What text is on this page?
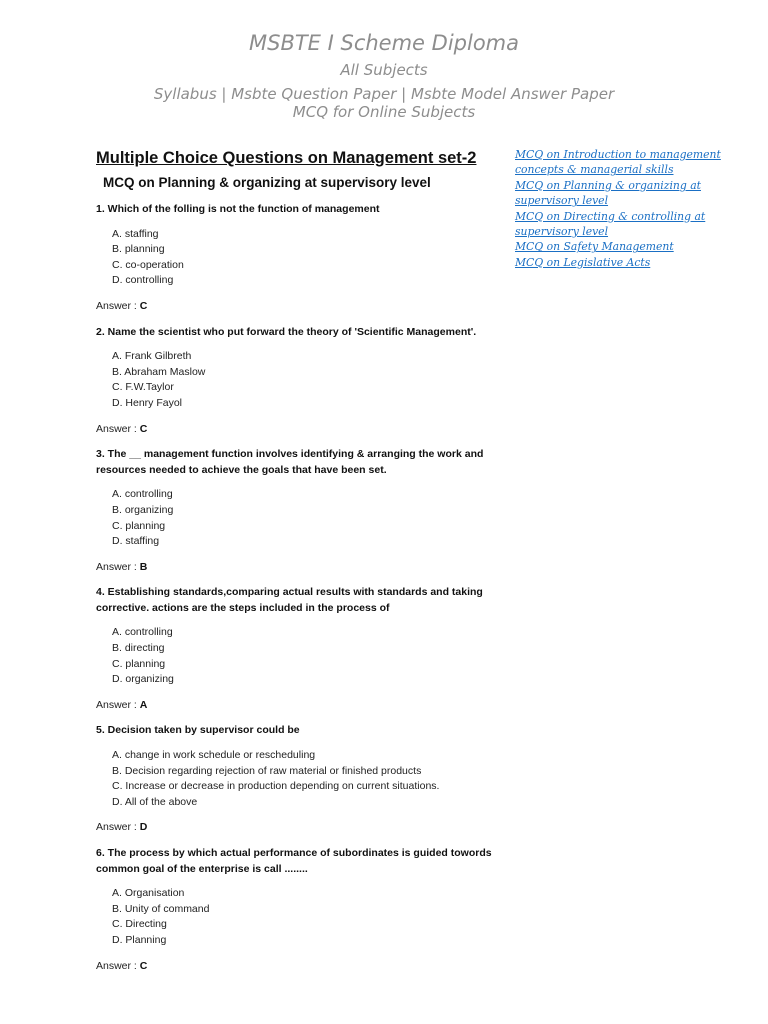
MSBTE I Scheme Diploma
All Subjects
Syllabus | Msbte Question Paper | Msbte Model Answer Paper
MCQ for Online Subjects
Multiple Choice Questions on Management set-2
MCQ on Planning & organizing at supervisory level
1. Which of the folling is not the function of management
A. staffing
B. planning
C. co-operation
D. controlling
Answer : C
2. Name the scientist who put forward the theory of 'Scientific Management'.
A. Frank Gilbreth
B. Abraham Maslow
C. F.W.Taylor
D. Henry Fayol
Answer : C
3. The __ management function involves identifying & arranging the work and resources needed to achieve the goals that have been set.
A. controlling
B. organizing
C. planning
D. staffing
Answer : B
4. Establishing standards,comparing actual results with standards and taking corrective. actions are the steps included in the process of
A. controlling
B. directing
C. planning
D. organizing
Answer : A
5. Decision taken by supervisor could be
A. change in work schedule or rescheduling
B. Decision regarding rejection of raw material or finished products
C. Increase or decrease in production depending on current situations.
D. All of the above
Answer : D
6. The process by which actual performance of subordinates is guided towords common goal of the enterprise is call ........
A. Organisation
B. Unity of command
C. Directing
D. Planning
Answer : C
MCQ on Introduction to management concepts & managerial skills
MCQ on Planning & organizing at supervisory level
MCQ on Directing & controlling at supervisory level
MCQ on Safety Management
MCQ on Legislative Acts
